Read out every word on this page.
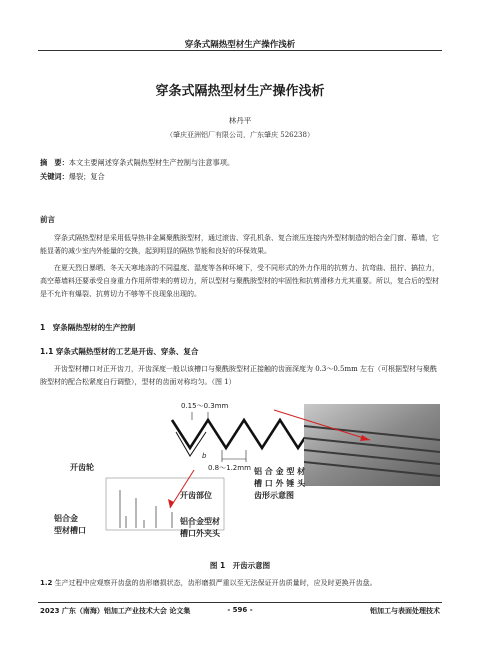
穿条式隔热型材生产操作浅析
穿条式隔热型材生产操作浅析
林丹平
（肇庆亚洲铝厂有限公司，广东肇庆 526238）
摘　要：本文主要阐述穿条式隔热型材生产控制与注意事项。
关键词：爆裂；复合
前言
穿条式隔热型材是采用低导热非金属聚酰胺型材，通过滚齿、穿孔机条、复合滚压连接内外型材制造的铝合金门窗、幕墙，它能显著的减少室内外能量的交换，起到明显的隔热节能和良好的环保效果。
在夏天烈日暴晒、冬天天寒地冻的不同温度、湿度等各种环境下，受不同形式的外力作用的抗剪力、抗弯曲、扭拧、搞拉力，高空幕墙料还要承受自身重力作用所带来的剪切力，所以型材与聚酰胺型材的牢固性和抗剪滑移力尤其重要。所以，复合后的型材是不允许有爆裂、抗剪切力不够等不良现象出现的。
1　穿条隔热型材的生产控制
1.1 穿条式隔热型材的工艺是开齿、穿条、复合
开齿型材槽口对正开齿刀，开齿深度一般以该槽口与聚酰胺型材正接触的齿面深度为 0.3～0.5mm 左右（可根据型材与聚酰胺型材的配合松紧度自行调整），型材的齿面对称均匀。（图 1）
0.15～0.3mm
b
0.8～1.2mm 铝 合 金 型 材
槽 口 外 锤 头
齿形示意图
开齿轮
开齿部位
铝合金
型材槽口
铝合金型材
槽口外夹头
图 1　开齿示意图
1.2 生产过程中应观察开齿盘的齿形磨损状态，齿形磨损严重以至无法保证开齿质量时，应及时更换开齿盘。
2023 广东（南海）铝加工产业技术大会 论文集	- 596 -	铝加工与表面处理技术
